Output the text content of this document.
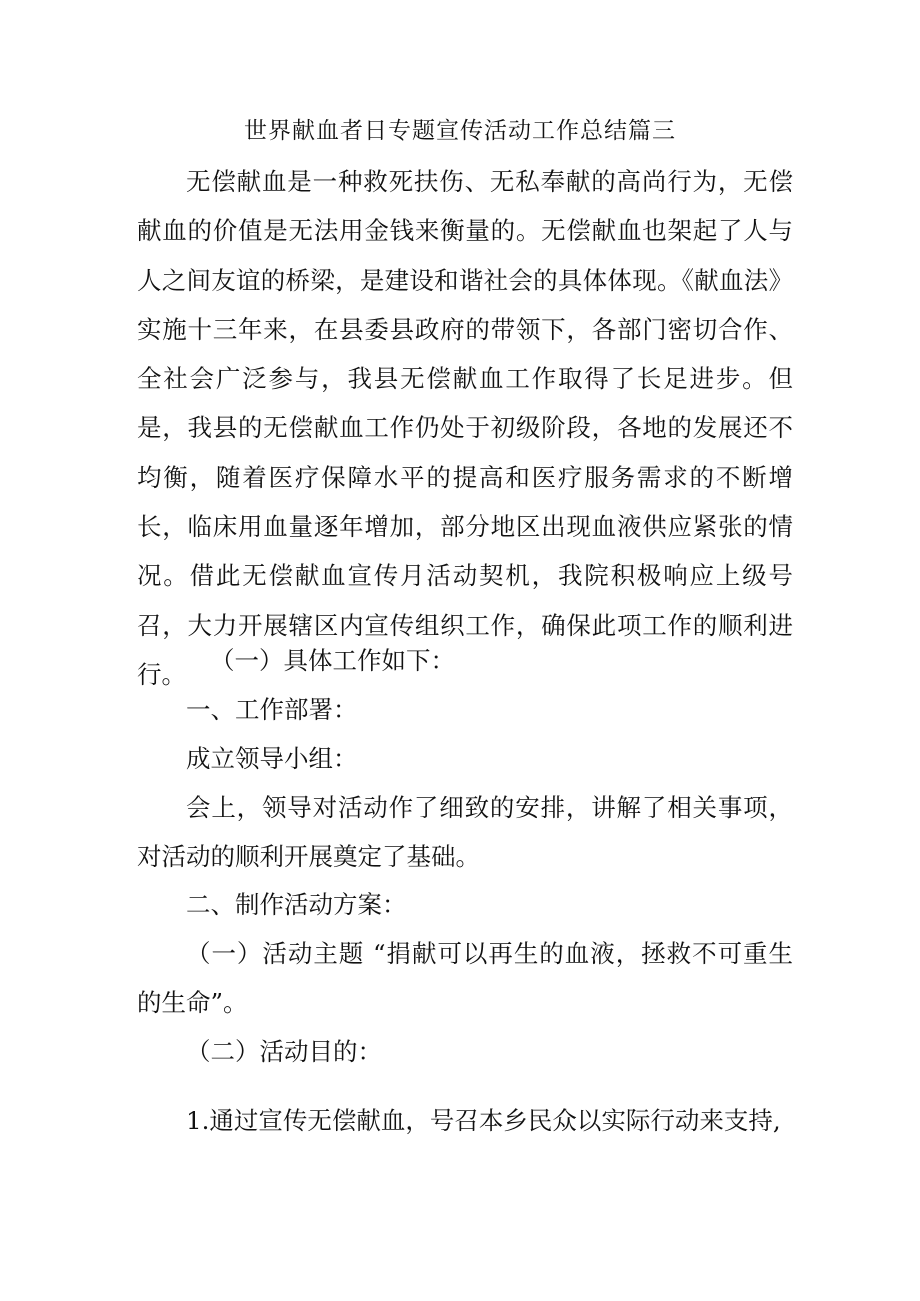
世界献血者日专题宣传活动工作总结篇三
无偿献血是一种救死扶伤、无私奉献的高尚行为，无偿献血的价值是无法用金钱来衡量的。无偿献血也架起了人与人之间友谊的桥梁，是建设和谐社会的具体体现。《献血法》实施十三年来，在县委县政府的带领下，各部门密切合作、全社会广泛参与，我县无偿献血工作取得了长足进步。但是，我县的无偿献血工作仍处于初级阶段，各地的发展还不均衡，随着医疗保障水平的提高和医疗服务需求的不断增长，临床用血量逐年增加，部分地区出现血液供应紧张的情况。借此无偿献血宣传月活动契机，我院积极响应上级号召，大力开展辖区内宣传组织工作，确保此项工作的顺利进行。 （一）具体工作如下：
一、工作部署：
成立领导小组：
会上，领导对活动作了细致的安排，讲解了相关事项，对活动的顺利开展奠定了基础。
二、制作活动方案：
（一）活动主题 “捐献可以再生的血液，拯救不可重生的生命”。
（二）活动目的：
1.通过宣传无偿献血，号召本乡民众以实际行动来支持,
